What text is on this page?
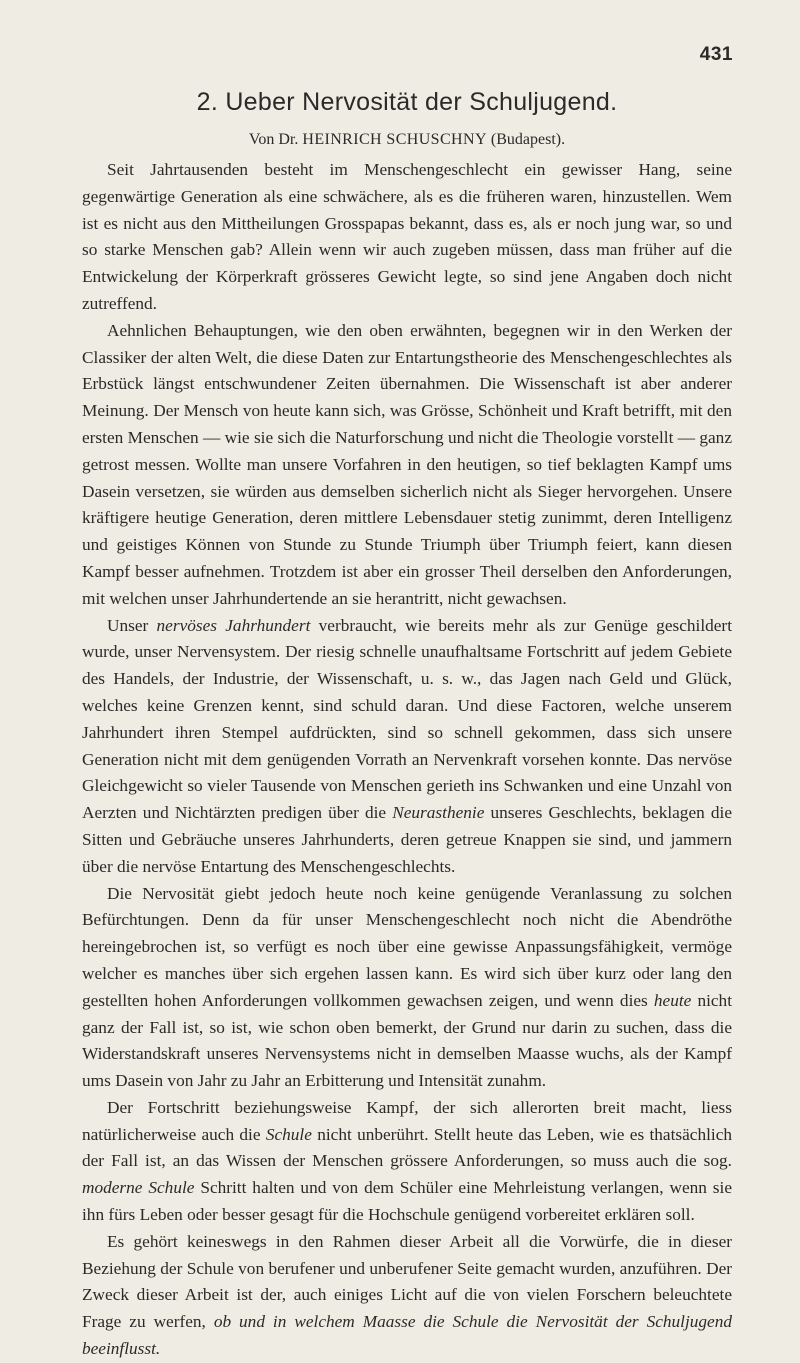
431
2. Ueber Nervosität der Schuljugend.
Von Dr. HEINRICH SCHUSCHNY (Budapest).

Seit Jahrtausenden besteht im Menschengeschlecht ein gewisser Hang, seine gegenwärtige Generation als eine schwächere, als es die früheren waren, hinzustellen. Wem ist es nicht aus den Mittheilungen Grosspapas bekannt, dass es, als er noch jung war, so und so starke Menschen gab? Allein wenn wir auch zugeben müssen, dass man früher auf die Entwickelung der Körperkraft grösseres Gewicht legte, so sind jene Angaben doch nicht zutreffend.

Aehnlichen Behauptungen, wie den oben erwähnten, begegnen wir in den Werken der Classiker der alten Welt, die diese Daten zur Entartungstheorie des Menschengeschlechtes als Erbstück längst entschwundener Zeiten übernahmen. Die Wissenschaft ist aber anderer Meinung. Der Mensch von heute kann sich, was Grösse, Schönheit und Kraft betrifft, mit den ersten Menschen — wie sie sich die Naturforschung und nicht die Theologie vorstellt — ganz getrost messen. Wollte man unsere Vorfahren in den heutigen, so tief beklagten Kampf ums Dasein versetzen, sie würden aus demselben sicherlich nicht als Sieger hervorgehen. Unsere kräftigere heutige Generation, deren mittlere Lebensdauer stetig zunimmt, deren Intelligenz und geistiges Können von Stunde zu Stunde Triumph über Triumph feiert, kann diesen Kampf besser aufnehmen. Trotzdem ist aber ein grosser Theil derselben den Anforderungen, mit welchen unser Jahrhundertende an sie herantritt, nicht gewachsen.

Unser nervöses Jahrhundert verbraucht, wie bereits mehr als zur Genüge geschildert wurde, unser Nervensystem. Der riesig schnelle unaufhaltsame Fortschritt auf jedem Gebiete des Handels, der Industrie, der Wissenschaft, u. s. w., das Jagen nach Geld und Glück, welches keine Grenzen kennt, sind schuld daran. Und diese Factoren, welche unserem Jahrhundert ihren Stempel aufdrückten, sind so schnell gekommen, dass sich unsere Generation nicht mit dem genügenden Vorrath an Nervenkraft vorsehen konnte. Das nervöse Gleichgewicht so vieler Tausende von Menschen gerieth ins Schwanken und eine Unzahl von Aerzten und Nichtärzten predigen über die Neurasthenie unseres Geschlechts, beklagen die Sitten und Gebräuche unseres Jahrhunderts, deren getreue Knappen sie sind, und jammern über die nervöse Entartung des Menschengeschlechts.

Die Nervosität giebt jedoch heute noch keine genügende Veranlassung zu solchen Befürchtungen. Denn da für unser Menschengeschlecht noch nicht die Abendröthe hereingebrochen ist, so verfügt es noch über eine gewisse Anpassungsfähigkeit, vermöge welcher es manches über sich ergehen lassen kann. Es wird sich über kurz oder lang den gestellten hohen Anforderungen vollkommen gewachsen zeigen, und wenn dies heute nicht ganz der Fall ist, so ist, wie schon oben bemerkt, der Grund nur darin zu suchen, dass die Widerstandskraft unseres Nervensystems nicht in demselben Maasse wuchs, als der Kampf ums Dasein von Jahr zu Jahr an Erbitterung und Intensität zunahm.

Der Fortschritt beziehungsweise Kampf, der sich allerorten breit macht, liess natürlicherweise auch die Schule nicht unberührt. Stellt heute das Leben, wie es thatsächlich der Fall ist, an das Wissen der Menschen grössere Anforderungen, so muss auch die sog. moderne Schule Schritt halten und von dem Schüler eine Mehrleistung verlangen, wenn sie ihn fürs Leben oder besser gesagt für die Hochschule genügend vorbereitet erklären soll.

Es gehört keineswegs in den Rahmen dieser Arbeit all die Vorwürfe, die in dieser Beziehung der Schule von berufener und unberufener Seite gemacht wurden, anzuführen. Der Zweck dieser Arbeit ist der, auch einiges Licht auf die von vielen Forschern beleuchtete Frage zu werfen, ob und in welchem Maasse die Schule die Nervosität der Schuljugend beeinflusst.
